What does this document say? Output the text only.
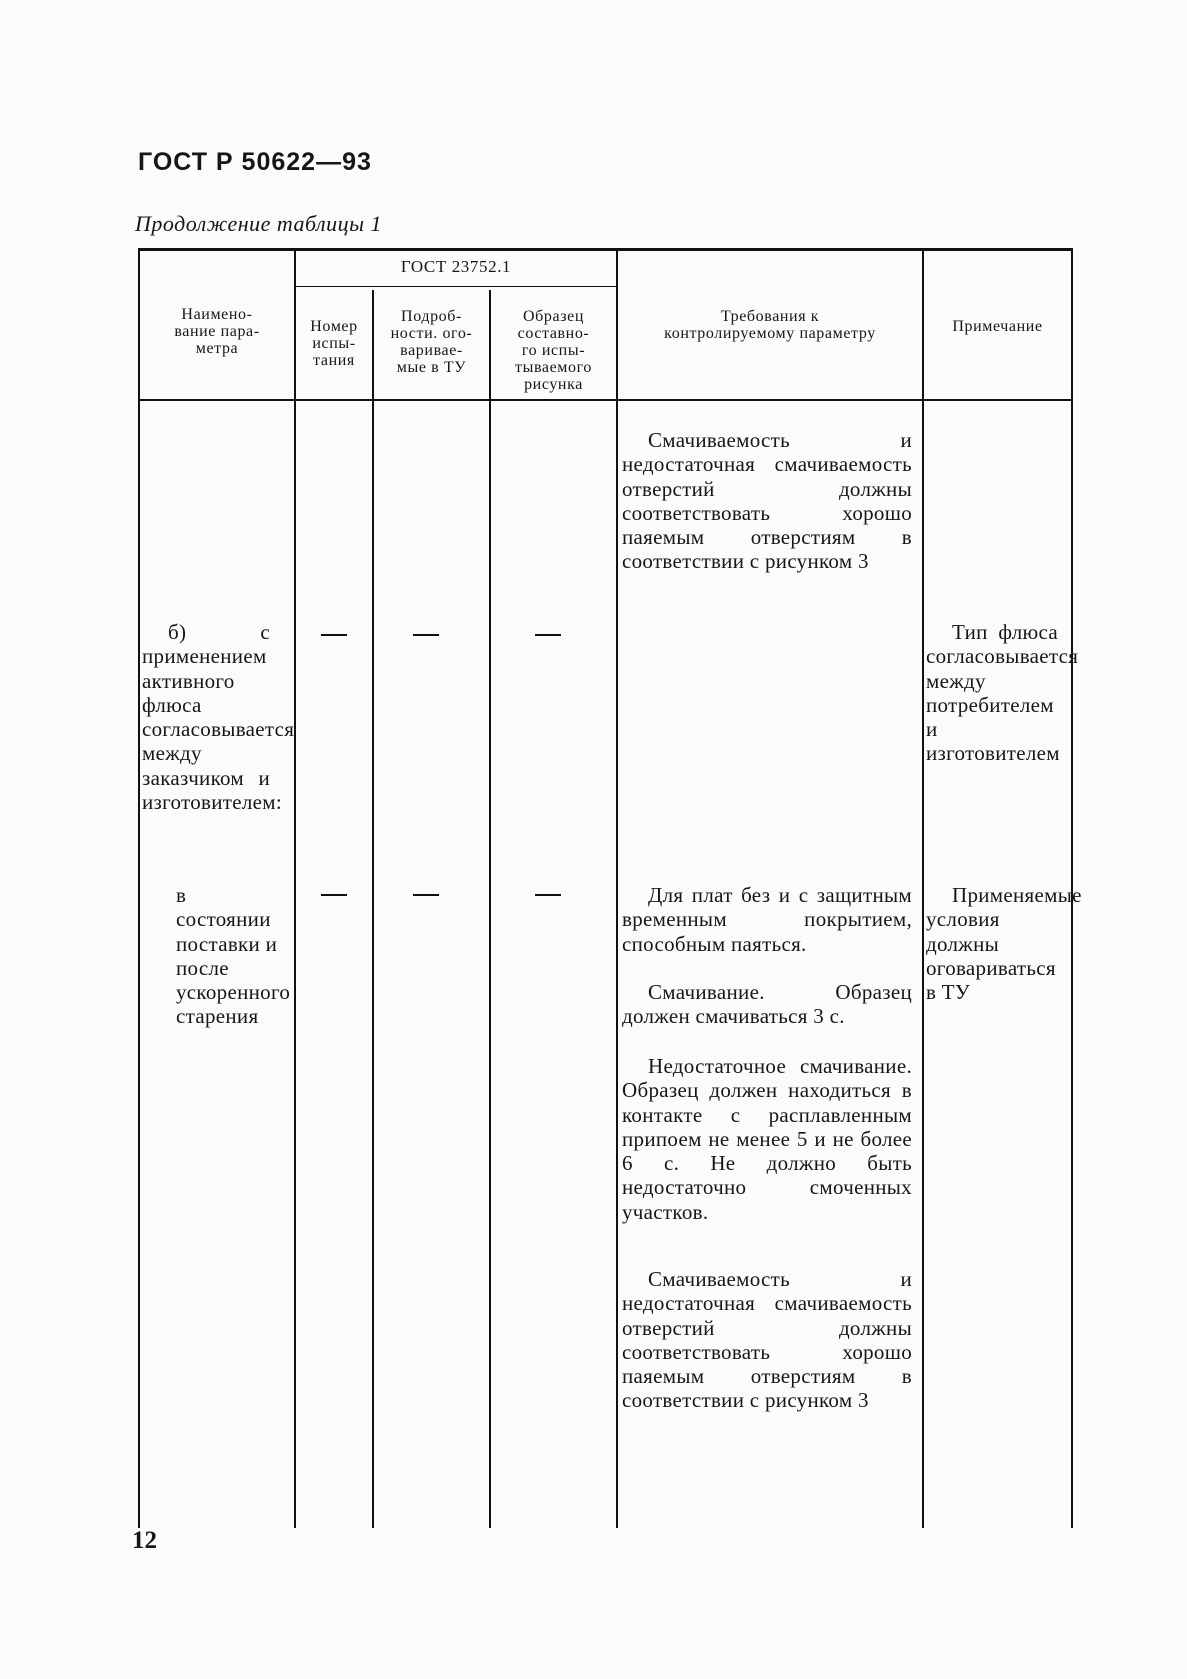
ГОСТ Р 50622—93
Продолжение таблицы 1
Наимено-
вание пара-
метра
ГОСТ 23752.1
Номер
испы-
тания
Подроб-
ности. ого-
вариваe-
мые в ТУ
Образец
составно-
го испы-
тываемого
рисунка
Требования к
контролируемому параметру	Примечание
Смачиваемость и недостаточная смачиваемость отверстий должны соответствовать хорошо паяемым отверстиям в соответствии с рисунком 3
б) с применением активного флюса согласовывается между заказчиком и изготовителем:
Тип флюса согласовывается между потребителем и изготовителем
в состоянии поставки и после ускоренного старения
Для плат без и с защитным временным покрытием, способным паяться.
Смачивание. Образец должен смачиваться 3 с.
Недостаточное смачивание. Образец должен находиться в контакте с расплавленным припоем не менее 5 и не более 6 с. Не должно быть недостаточно смоченных участков.
Смачиваемость и недостаточная смачиваемость отверстий должны соответствовать хорошо паяемым отверстиям в соответствии с рисунком 3
Применяемые условия должны оговариваться в ТУ
12
